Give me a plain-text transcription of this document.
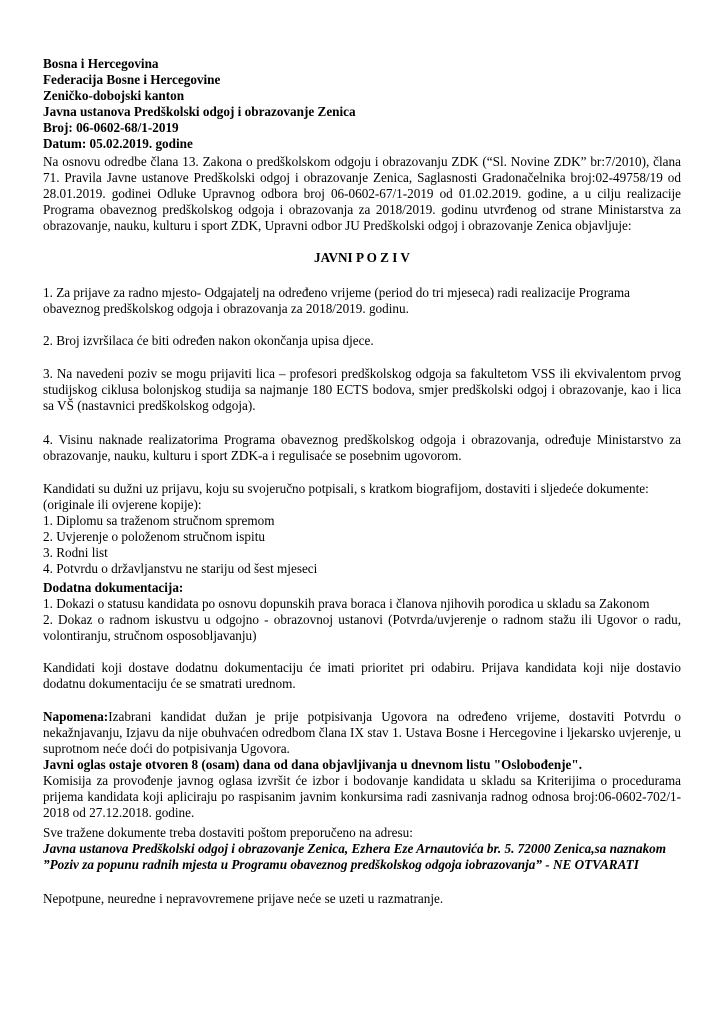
Bosna i Hercegovina

Federacija Bosne i Hercegovine

Zeničko-dobojski kanton

Javna ustanova Predškolski odgoj i obrazovanje Zenica

Broj: 06-0602-68/1-2019

Datum: 05.02.2019. godine

Na osnovu odredbe člana 13. Zakona o predškolskom odgoju i obrazovanju ZDK (“Sl. Novine ZDK” br:7/2010), člana 71. Pravila Javne ustanove Predškolski odgoj i obrazovanje Zenica, Saglasnosti Gradonačelnika broj:02-49758/19 od 28.01.2019. godinei Odluke Upravnog odbora broj 06-0602-67/1-2019 od 01.02.2019. godine, a u cilju realizacije Programa obaveznog predškolskog odgoja i obrazovanja za 2018/2019. godinu utvrđenog od strane Ministarstva za obrazovanje, nauku, kulturu i sport ZDK, Upravni odbor JU Predškolski odgoj i obrazovanje Zenica objavljuje:

JAVNI P O Z I V

1. Za prijave za radno mjesto- Odgajatelj na određeno vrijeme (period do tri mjeseca) radi realizacije Programa obaveznog predškolskog odgoja i obrazovanja za 2018/2019. godinu.

2. Broj izvršilaca će biti određen nakon okončanja upisa djece.

3. Na navedeni poziv se mogu prijaviti lica – profesori predškolskog odgoja sa fakultetom VSS ili ekvivalentom prvog studijskog ciklusa bolonjskog studija sa najmanje 180 ECTS bodova, smjer predškolski odgoj i obrazovanje, kao i lica sa VŠ (nastavnici predškolskog odgoja).

4. Visinu naknade realizatorima Programa obaveznog predškolskog odgoja i obrazovanja, određuje Ministarstvo za obrazovanje, nauku, kulturu i sport ZDK-a i regulisaće se posebnim ugovorom.

Kandidati su dužni uz prijavu, koju su svojeručno potpisali, s kratkom biografijom, dostaviti i sljedeće dokumente:

(originale ili ovjerene kopije):

1. Diplomu sa traženom stručnom spremom

2. Uvjerenje o položenom stručnom ispitu

3. Rodni list

4. Potvrdu o državljanstvu ne stariju od šest mjeseci

Dodatna dokumentacija:

1. Dokazi o statusu kandidata po osnovu dopunskih prava boraca i članova njihovih porodica u skladu sa Zakonom

2. Dokaz o radnom iskustvu u odgojno - obrazovnoj ustanovi (Potvrda/uvjerenje o radnom stažu ili Ugovor o radu, volontiranju, stručnom osposobljavanju)

Kandidati koji dostave dodatnu dokumentaciju će imati prioritet pri odabiru. Prijava kandidata koji nije dostavio dodatnu dokumentaciju će se smatrati urednom.

Napomena:Izabrani kandidat dužan je prije potpisivanja Ugovora na određeno vrijeme, dostaviti Potvrdu o nekažnjavanju, Izjavu da nije obuhvaćen odredbom člana IX stav 1. Ustava Bosne i Hercegovine i ljekarsko uvjerenje, u suprotnom neće doći do potpisivanja Ugovora.

Javni oglas ostaje otvoren 8 (osam) dana od dana objavljivanja u dnevnom listu "Oslobođenje".

Komisija za provođenje javnog oglasa izvršit će izbor i bodovanje kandidata u skladu sa Kriterijima o procedurama prijema kandidata koji apliciraju po raspisanim javnim konkursima radi zasnivanja radnog odnosa broj:06-0602-702/1-2018 od 27.12.2018. godine.

Sve tražene dokumente treba dostaviti poštom preporučeno na adresu:

Javna ustanova Predškolski odgoj i obrazovanje Zenica, Ezhera Eze Arnautovića br. 5. 72000 Zenica,sa naznakom

”Poziv za popunu radnih mjesta u Programu obaveznog predškolskog odgoja iobrazovanja” - NE OTVARATI

Nepotpune, neuredne i nepravovremene prijave neće se uzeti u razmatranje.
